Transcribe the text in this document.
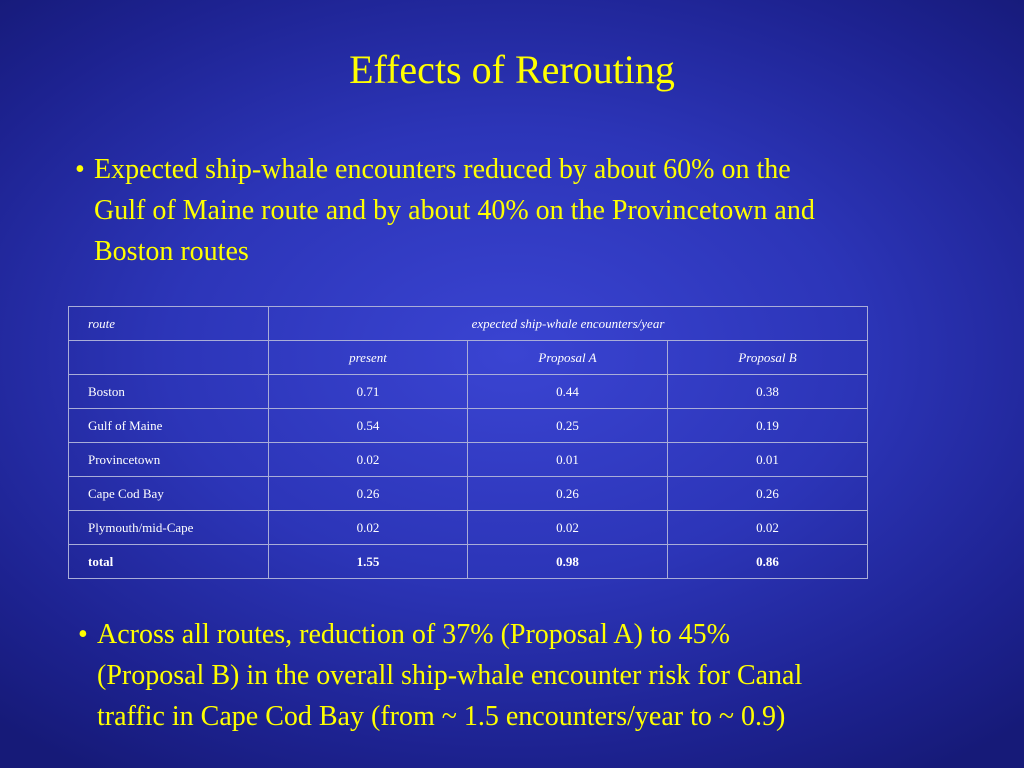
Effects of Rerouting
• Expected ship-whale encounters reduced by about 60% on the
Gulf of Maine route and by about 40% on the Provincetown and
Boston routes
route	expected ship-whale encounters/year		
	present	Proposal A	Proposal B
Boston	0.71	0.44	0.38
Gulf of Maine	0.54	0.25	0.19
Provincetown	0.02	0.01	0.01
Cape Cod Bay	0.26	0.26	0.26
Plymouth/mid-Cape	0.02	0.02	0.02
total	1.55	0.98	0.86
• Across all routes, reduction of 37% (Proposal A) to 45%
(Proposal B) in the overall ship-whale encounter risk for Canal
traffic in Cape Cod Bay (from ~ 1.5 encounters/year to ~ 0.9)
